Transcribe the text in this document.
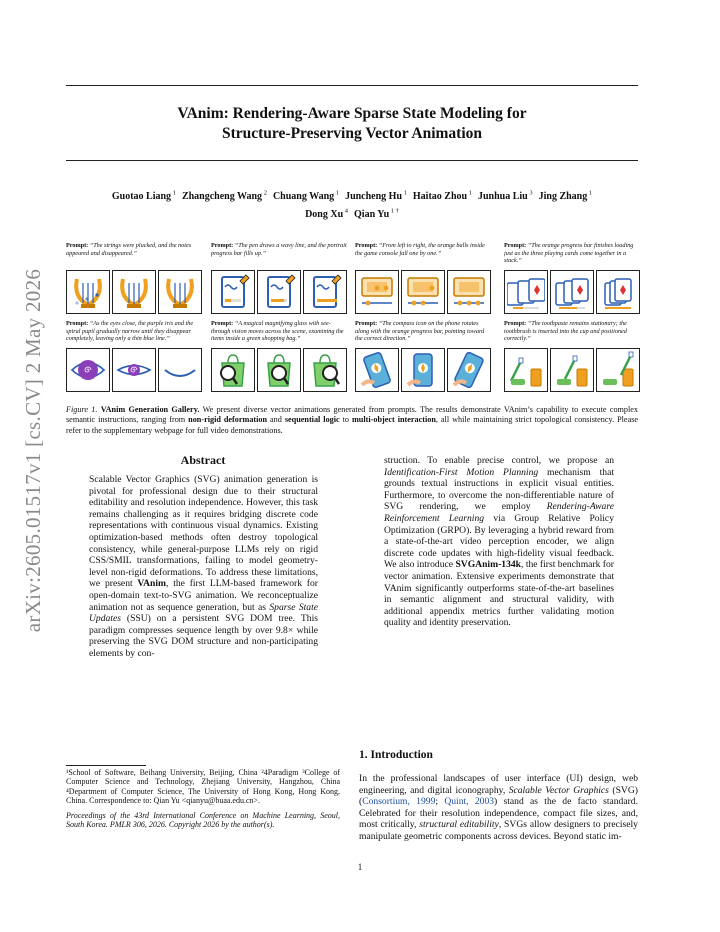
arXiv:2605.01517v1 [cs.CV] 2 May 2026
VAnim: Rendering-Aware Sparse State Modeling for
Structure-Preserving Vector Animation
Guotao Liang $^1$ Zhangcheng Wang $^2$ Chuang Wang $^1$ Juncheng Hu $^1$ Haitao Zhou $^1$ Junhua Liu $^3$ Jing Zhang $^1$
Dong Xu $^4$ Qian Yu $^{1 \dagger}$
Prompt: “The strings were plucked, and the notes appeared and disappeared.”
Prompt: “The pen draws a wavy line, and the portrait progress bar fills up.”
Prompt: “From left to right, the orange balls inside the game console fall one by one.”
Prompt: “The orange progress bar finishes loading just as the three playing cards come together in a stack.”
Prompt: “As the eyes close, the purple iris and the spiral pupil gradually narrow until they disappear completely, leaving only a thin blue line.”
Prompt: “A magical magnifying glass with see-through vision moves across the scene, examining the items inside a green shopping bag.”
Prompt: “The compass icon on the phone rotates along with the orange progress bar, pointing toward the correct direction.”
Prompt: “The toothpaste remains stationary; the toothbrush is inserted into the cup and positioned correctly.”
Figure 1. VAnim Generation Gallery. We present diverse vector animations generated from prompts. The results demonstrate VAnim’s capability to execute complex semantic instructions, ranging from non-rigid deformation and sequential logic to multi-object interaction, all while maintaining strict topological consistency. Please refer to the supplementary webpage for full video demonstrations.
Abstract
Scalable Vector Graphics (SVG) animation generation is pivotal for professional design due to their structural editability and resolution independence. However, this task remains challenging as it requires bridging discrete code representations with continuous visual dynamics. Existing optimization-based methods often destroy topological consistency, while general-purpose LLMs rely on rigid CSS/SMIL transformations, failing to model geometry-level non-rigid deformations. To address these limitations, we present VAnim, the first LLM-based framework for open-domain text-to-SVG animation. We reconceptualize animation not as sequence generation, but as Sparse State Updates (SSU) on a persistent SVG DOM tree. This paradigm compresses sequence length by over 9.8× while preserving the SVG DOM structure and non-participating elements by con-
struction. To enable precise control, we propose an Identification-First Motion Planning mechanism that grounds textual instructions in explicit visual entities. Furthermore, to overcome the non-differentiable nature of SVG rendering, we employ Rendering-Aware Reinforcement Learning via Group Relative Policy Optimization (GRPO). By leveraging a hybrid reward from a state-of-the-art video perception encoder, we align discrete code updates with high-fidelity visual feedback. We also introduce SVGAnim-134k, the first benchmark for vector animation. Extensive experiments demonstrate that VAnim significantly outperforms state-of-the-art baselines in semantic alignment and structural validity, with additional appendix metrics further validating motion quality and identity preservation.
¹School of Software, Beihang University, Beijing, China ²4Paradigm ³College of Computer Science and Technology, Zhejiang University, Hangzhou, China ⁴Department of Computer Science, The University of Hong Kong, Hong Kong, China. Correspondence to: Qian Yu <qianyu@buaa.edu.cn>.
Proceedings of the 43rd International Conference on Machine Learning, Seoul, South Korea. PMLR 306, 2026. Copyright 2026 by the author(s).
1. Introduction
In the professional landscapes of user interface (UI) design, web engineering, and digital iconography, Scalable Vector Graphics (SVG) (Consortium, 1999; Quint, 2003) stand as the de facto standard. Celebrated for their resolution independence, compact file sizes, and, most critically, structural editability, SVGs allow designers to precisely manipulate geometric components across devices. Beyond static im-
1
